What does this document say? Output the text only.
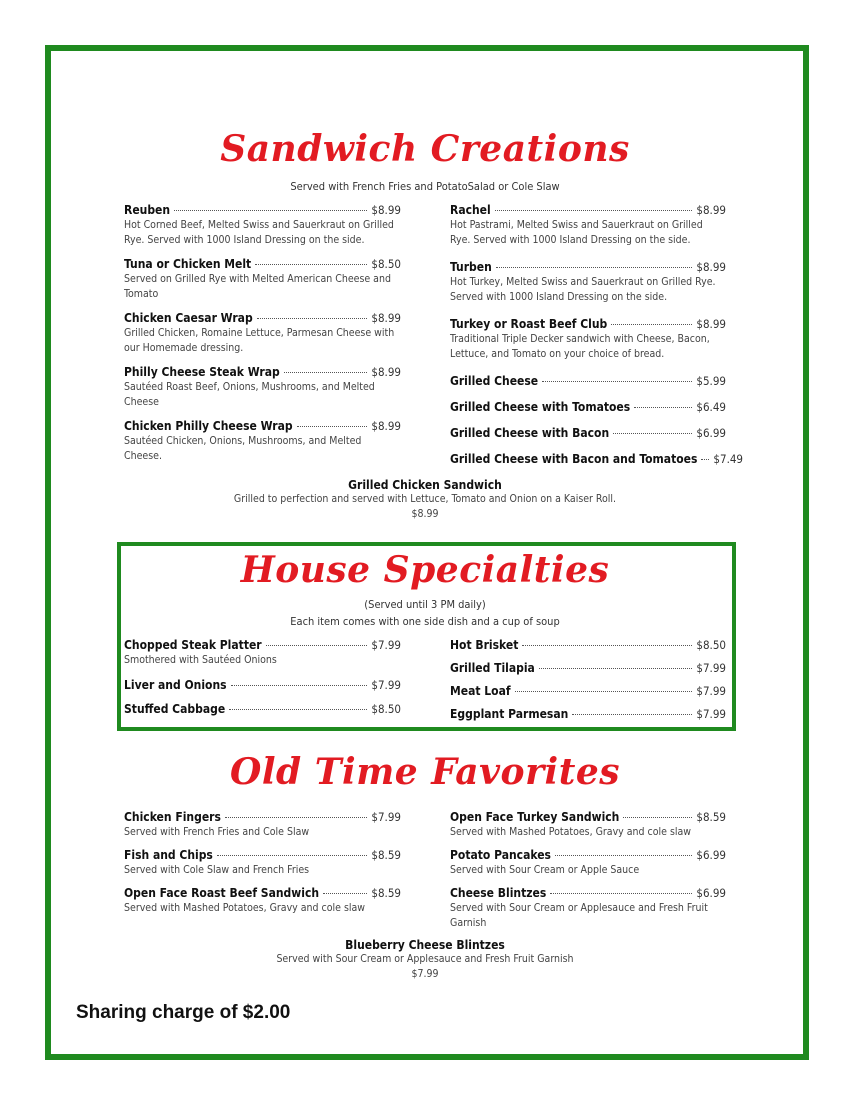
Sandwich Creations
Served with French Fries and PotatoSalad or Cole Slaw
Reuben	$8.99
Hot Corned Beef, Melted Swiss and Sauerkraut on Grilled Rye. Served with 1000 Island Dressing on the side.
Tuna or Chicken Melt	$8.50
Served on Grilled Rye with Melted American Cheese and Tomato
Chicken Caesar Wrap	$8.99
Grilled Chicken, Romaine Lettuce, Parmesan Cheese with our Homemade dressing.
Philly Cheese Steak Wrap	$8.99
Sautéed Roast Beef, Onions, Mushrooms, and Melted Cheese
Chicken Philly Cheese Wrap	$8.99
Sautéed Chicken, Onions, Mushrooms, and Melted Cheese.
Rachel	$8.99
Hot Pastrami, Melted Swiss and Sauerkraut on Grilled Rye. Served with 1000 Island Dressing on the side.
Turben	$8.99
Hot Turkey, Melted Swiss and Sauerkraut on Grilled Rye. Served with 1000 Island Dressing on the side.
Turkey or Roast Beef Club	$8.99
Traditional Triple Decker sandwich with Cheese, Bacon, Lettuce, and Tomato on your choice of bread.
Grilled Cheese	$5.99
Grilled Cheese with Tomatoes	$6.49
Grilled Cheese with Bacon	$6.99
Grilled Cheese with Bacon and Tomatoes $7.49
Grilled Chicken Sandwich
Grilled to perfection and served with Lettuce, Tomato and Onion on a Kaiser Roll.
$8.99
House Specialties
(Served until 3 PM daily)
Each item comes with one side dish and a cup of soup
Chopped Steak Platter	$7.99
Smothered with Sautéed Onions
Liver and Onions	$7.99
Stuffed Cabbage	$8.50
Hot Brisket	$8.50
Grilled Tilapia	$7.99
Meat Loaf	$7.99
Eggplant Parmesan	$7.99
Old Time Favorites
Chicken Fingers	$7.99
Served with French Fries and Cole Slaw
Fish and Chips	$8.59
Served with Cole Slaw and French Fries
Open Face Roast Beef Sandwich	$8.59
Served with Mashed Potatoes, Gravy and cole slaw
Open Face Turkey Sandwich	$8.59
Served with Mashed Potatoes, Gravy and cole slaw
Potato Pancakes	$6.99
Served with Sour Cream or Apple Sauce
Cheese Blintzes	$6.99
Served with Sour Cream or Applesauce and Fresh Fruit Garnish
Blueberry Cheese Blintzes
Served with Sour Cream or Applesauce and Fresh Fruit Garnish
$7.99
Sharing charge of $2.00
